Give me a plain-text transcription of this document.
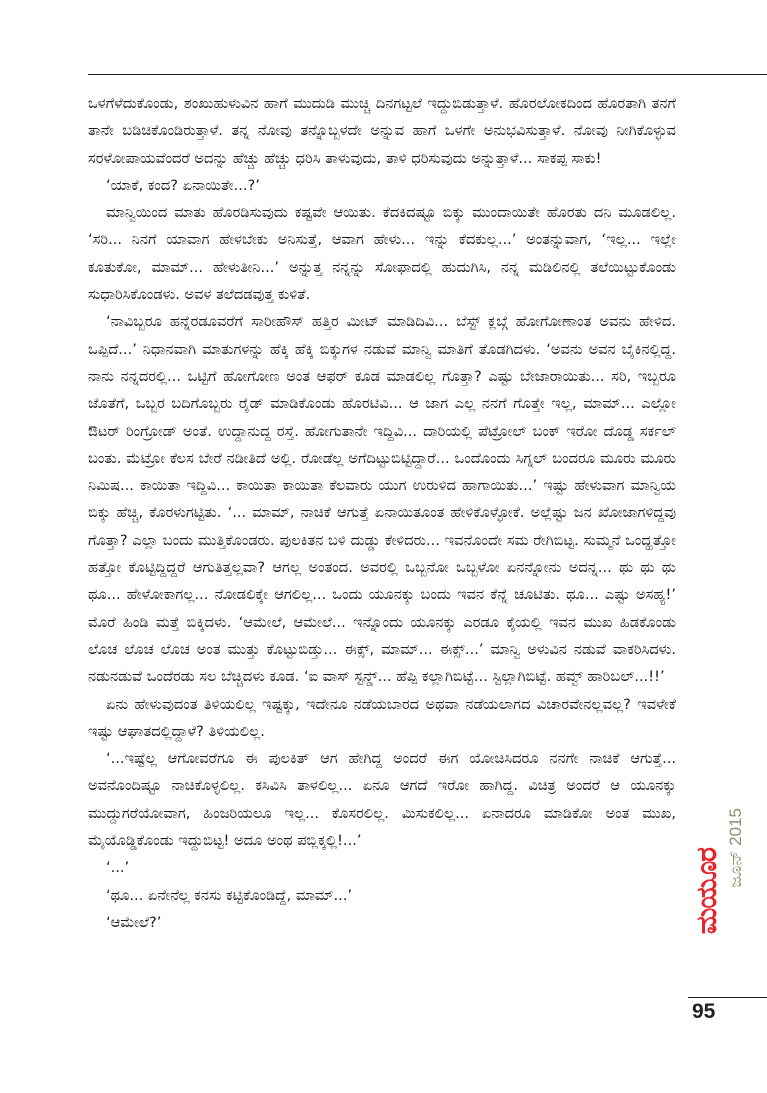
ಒಳಗೆಳೆದುಕೊಂಡು, ಶಂಖುಹುಳುವಿನ ಹಾಗೆ ಮುದುಡಿ ಮುಚ್ಚಿ ದಿನಗಟ್ಟಲೆ ಇದ್ದುಬಿಡುತ್ತಾಳೆ. ಹೊರಲೋಕದಿಂದ ಹೊರತಾಗಿ ತನಗೆ ತಾನೇ ಬಡಿಚಿಕೊಂಡಿರುತ್ತಾಳೆ. ತನ್ನ ನೋವು ತನ್ನೊಬ್ಬಳದೇ ಅನ್ನುವ ಹಾಗೆ ಒಳಗೇ ಅನುಭವಿಸುತ್ತಾಳೆ. ನೋವು ನೀಗಿಕೊಳ್ಳುವ ಸರಳೋಪಾಯವೆಂದರೆ ಅದನ್ನು ಹೆಚ್ಚು ಹೆಚ್ಚು ಧರಿಸಿ ತಾಳುವುದು, ತಾಳಿ ಧರಿಸುವುದು ಅನ್ನುತ್ತಾಳೆ... ಸಾಕಪ್ಪ ಸಾಕು!

‘ಯಾಕೆ, ಕಂದ? ಏನಾಯಿತೇ...?’

ಮಾನ್ವಿಯಿಂದ ಮಾತು ಹೊರಡಿಸುವುದು ಕಷ್ಟವೇ ಆಯಿತು. ಕೆದಕಿದಷ್ಟೂ ಬಿಕ್ಕು ಮುಂದಾಯಿತೇ ಹೊರತು ದನಿ ಮೂಡಲಿಲ್ಲ. ‘ಸರಿ... ನಿನಗೆ ಯಾವಾಗ ಹೇಳಬೇಕು ಅನಿಸುತ್ತೆ, ಆವಾಗ ಹೇಳು... ಇನ್ನು ಕೆದಕುಲ್ಲ...’ ಅಂತನ್ನುವಾಗ, ‘ಇಲ್ಲ... ಇಲ್ಲೇ ಕೂತುಕೋ, ಮಾಮ್... ಹೇಳುತೀನಿ...’ ಅನ್ನುತ್ತ ನನ್ನನ್ನು ಸೋಫಾದಲ್ಲಿ ಹುದುಗಿಸಿ, ನನ್ನ ಮಡಿಲಿನಲ್ಲಿ ತಲೆಯಿಟ್ಟುಕೊಂಡು ಸುಧಾರಿಸಿಕೊಂಡಳು. ಅವಳ ತಲೆದಡವುತ್ತ ಕುಳಿತೆ.

‘ನಾವಿಬ್ಬರೂ ಹನ್ನೆರಡೂವರೆಗೆ ಸಾರೀಹೌಸ್ ಹತ್ತಿರ ಮೀಟ್ ಮಾಡಿದಿವಿ... ಬೆಸ್ಟ್ ಕ್ಲಬ್ಗೆ ಹೋಗೋಣಾಂತ ಅವನು ಹೇಳಿದ. ಒಪ್ಪಿದೆ...’ ನಿಧಾನವಾಗಿ ಮಾತುಗಳನ್ನು ಹೆಕ್ಕಿ ಹೆಕ್ಕಿ ಬಿಕ್ಕುಗಳ ನಡುವೆ ಮಾನ್ವಿ ಮಾತಿಗೆ ತೊಡಗಿದಳು. ‘ಅವನು ಅವನ ಬೈಕಿನಲ್ಲಿದ್ದ. ನಾನು ನನ್ನದರಲ್ಲಿ... ಒಟ್ಟಿಗೆ ಹೋಗೋಣ ಅಂತ ಆಫರ್ ಕೂಡ ಮಾಡಲಿಲ್ಲ ಗೊತ್ತಾ? ಎಷ್ಟು ಬೇಜಾರಾಯಿತು... ಸರಿ, ಇಬ್ಬರೂ ಜೊತೆಗೆ, ಒಬ್ಬರ ಬದಿಗೊಬ್ಬರು ರೈಡ್ ಮಾಡಿಕೊಂಡು ಹೊರಟಿವಿ... ಆ ಜಾಗ ಎಲ್ಲ ನನಗೆ ಗೊತ್ತೇ ಇಲ್ಲ, ಮಾಮ್... ಎಲ್ಲೋ ಔಟರ್ ರಿಂಗ್ರೋಡ್ ಅಂತೆ. ಉದ್ದಾನುದ್ದ ರಸ್ತೆ. ಹೋಗುತಾನೇ ಇದ್ದಿವಿ... ದಾರಿಯಲ್ಲಿ ಪೆಟ್ರೋಲ್ ಬಂಕ್ ಇರೋ ದೊಡ್ಡ ಸರ್ಕಲ್ ಬಂತು. ಮೆಟ್ರೋ ಕೆಲಸ ಬೇರೆ ನಡೀತಿದೆ ಅಲ್ಲಿ. ರೋಡೆಲ್ಲ ಅಗೆದಿಟ್ಟುಬಿಟ್ಟಿದ್ದಾರೆ... ಒಂದೊಂದು ಸಿಗ್ನಲ್ ಬಂದರೂ ಮೂರು ಮೂರು ನಿಮಿಷ... ಕಾಯಿತಾ ಇದ್ದಿವಿ... ಕಾಯಿತಾ ಕಾಯಿತಾ ಕೆಲವಾರು ಯುಗ ಉರುಳಿದ ಹಾಗಾಯಿತು...’ ಇಷ್ಟು ಹೇಳುವಾಗ ಮಾನ್ವಿಯ ಬಿಕ್ಕು ಹೆಚ್ಚಿ, ಕೊರಳುಗಟ್ಟಿತು. ‘... ಮಾಮ್, ನಾಚಿಕೆ ಆಗುತ್ತೆ ಏನಾಯಿತೂಂತ ಹೇಳಿಕೊಳ್ಳೋಕೆ. ಅಲ್ಲೆಷ್ಟು ಜನ ಖೋಜಾಗಳಿದ್ದವು ಗೊತ್ತಾ? ಎಲ್ಲಾ ಬಂದು ಮುತ್ತಿಕೊಂಡರು. ಪುಲಕಿತನ ಬಳಿ ದುಡ್ಡು ಕೇಳಿದರು... ಇವನೊಂದೇ ಸಮ ರೇಗಿಬಿಟ್ಟ. ಸುಮ್ಮನೆ ಒಂದ್ಹತ್ತೋ ಹತ್ತೋ ಕೊಟ್ಟಿದ್ದಿದ್ದರೆ ಆಗುತಿತ್ತಲ್ಲವಾ? ಆಗಲ್ಲ ಅಂತಂದ. ಅವರಲ್ಲಿ ಒಬ್ಬನೋ ಒಬ್ಬಳೋ ಏನನ್ನೋನು ಅದನ್ನ... ಥು ಥು ಥು ಥೂ... ಹೇಳೋಕಾಗಲ್ಲ... ನೋಡಲಿಕ್ಕೇ ಆಗಲಿಲ್ಲ... ಒಂದು ಯೂನಕ್ಕು ಬಂದು ಇವನ ಕೆನ್ನೆ ಚೂಟಿತು. ಥೂ... ಎಷ್ಟು ಅಸಹ್ಯ!’ ಮೊರೆ ಹಿಂಡಿ ಮತ್ತೆ ಬಿಕ್ಕಿದಳು. ‘ಆಮೇಲೆ, ಆಮೇಲೆ... ಇನ್ನೊಂದು ಯೂನಕ್ಕು ಎರಡೂ ಕೈಯಲ್ಲಿ ಇವನ ಮುಖ ಹಿಡಕೊಂಡು ಲೊಚ ಲೊಚ ಲೊಚ ಅಂತ ಮುತ್ತು ಕೊಟ್ಟುಬಿಡ್ತು... ಈಕ್ಸ್, ಮಾಮ್... ಈಕ್ಸ್...’ ಮಾನ್ವಿ ಅಳುವಿನ ನಡುವೆ ವಾಕರಿಸಿದಳು. ನಡುನಡುವೆ ಒಂದೆರಡು ಸಲ ಬೆಚ್ಚಿದಳು ಕೂಡ. ‘ಐ ವಾಸ್ ಸ್ಟನ್ಡ್... ಹೆಪ್ಪಿ ಕಲ್ಲಾಗಿಬಿಟ್ಟೆ... ಸ್ಟಿಲ್ಲಾಗಿಬಿಟ್ಟೆ. ಹವ್ವ್ ಹಾರಿಬಲ್...!!’

ಏನು ಹೇಳುವುದಂತ ತಿಳಿಯಲಿಲ್ಲ ಇಷ್ಟಕ್ಕು, ಇದೇನೂ ನಡೆಯಬಾರದ ಅಥವಾ ನಡೆಯಲಾಗದ ವಿಚಾರವೇನಲ್ಲವಲ್ಲ? ಇವಳೇಕೆ ಇಷ್ಟು ಆಘಾತದಲ್ಲಿದ್ದಾಳೆ? ತಿಳಿಯಲಿಲ್ಲ.

‘...ಇಷ್ಟೆಲ್ಲ ಆಗೋವರೆಗೂ ಈ ಪುಲಕಿತ್ ಆಗ ಹೇಗಿದ್ದ ಅಂದರೆ ಈಗ ಯೋಚಿಸಿದರೂ ನನಗೇ ನಾಚಿಕೆ ಆಗುತ್ತೆ... ಅವನೊಂದಿಷ್ಟೂ ನಾಚಿಕೊಳ್ಳಲಿಲ್ಲ. ಕಸಿವಿಸಿ ತಾಳಲಿಲ್ಲ... ಏನೂ ಆಗದೆ ಇರೋ ಹಾಗಿದ್ದ. ವಿಚಿತ್ರ ಅಂದರೆ ಆ ಯೂನಕ್ಕು ಮುದ್ದುಗರೆಯೋವಾಗ, ಹಿಂಜರಿಯಲೂ ಇಲ್ಲ... ಕೊಸರಲಿಲ್ಲ. ಮಿಸುಕಲಿಲ್ಲ... ಏನಾದರೂ ಮಾಡಿಕೋ ಅಂತ ಮುಖ, ಮೈಯೊಡ್ಡಿಕೊಂಡು ಇದ್ದುಬಿಟ್ಟ! ಅದೂ ಅಂಥ ಪಬ್ಲಿಕ್ಕಲ್ಲಿ!...’

‘...’

‘ಥೂ... ಏನೇನೆಲ್ಲ ಕನಸು ಕಟ್ಟಿಕೊಂಡಿದ್ದೆ, ಮಾಮ್...’

‘ಆಮೇಲೆ?’

ಜೂನ್ 2015
ಮಯೂರ
95
